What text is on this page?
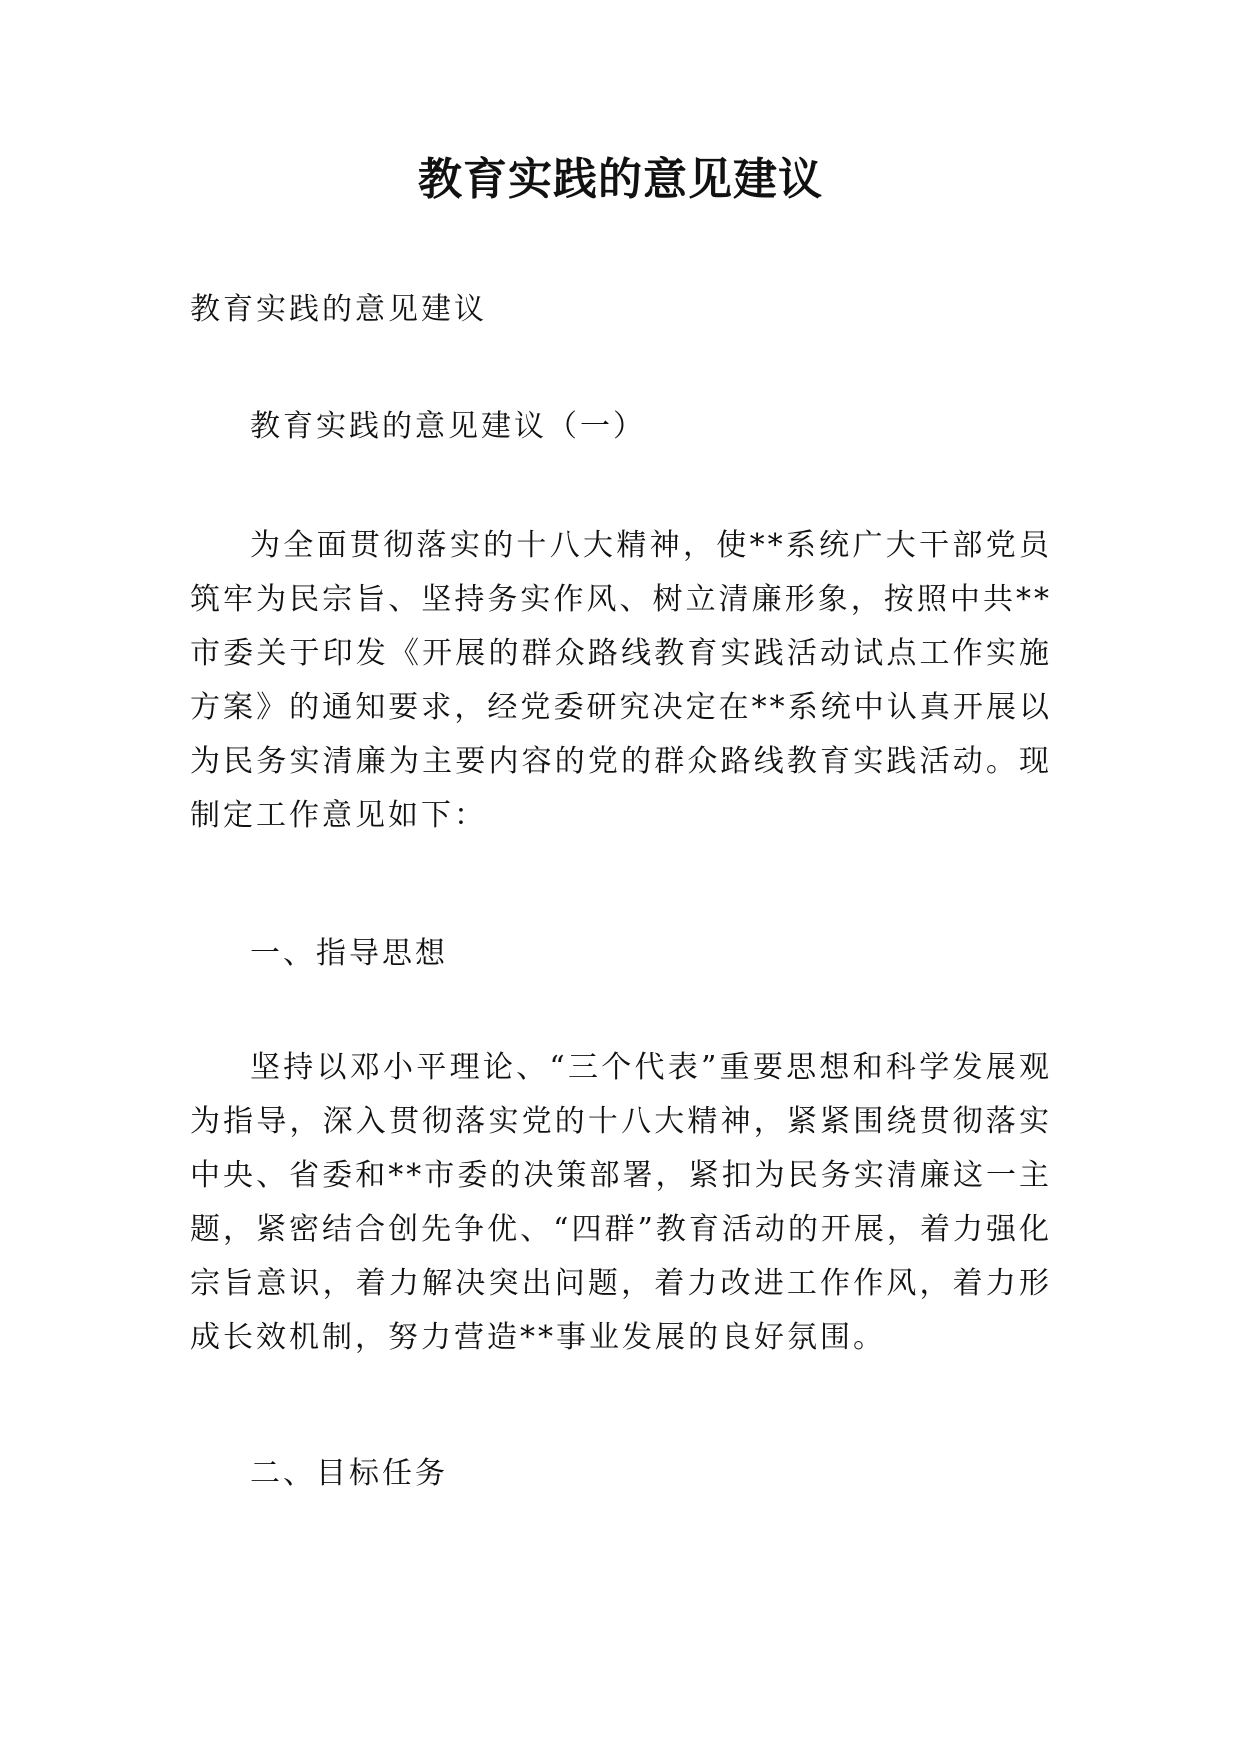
教育实践的意见建议

教育实践的意见建议

教育实践的意见建议（一）

为全面贯彻落实的十八大精神，使**系统广大干部党员筑牢为民宗旨、坚持务实作风、树立清廉形象，按照中共**市委关于印发《开展的群众路线教育实践活动试点工作实施方案》的通知要求，经党委研究决定在**系统中认真开展以为民务实清廉为主要内容的党的群众路线教育实践活动。现制定工作意见如下：

一、指导思想

坚持以邓小平理论、“三个代表”重要思想和科学发展观为指导，深入贯彻落实党的十八大精神，紧紧围绕贯彻落实中央、省委和**市委的决策部署，紧扣为民务实清廉这一主题，紧密结合创先争优、“四群”教育活动的开展，着力强化宗旨意识，着力解决突出问题，着力改进工作作风，着力形成长效机制，努力营造**事业发展的良好氛围。

二、目标任务
